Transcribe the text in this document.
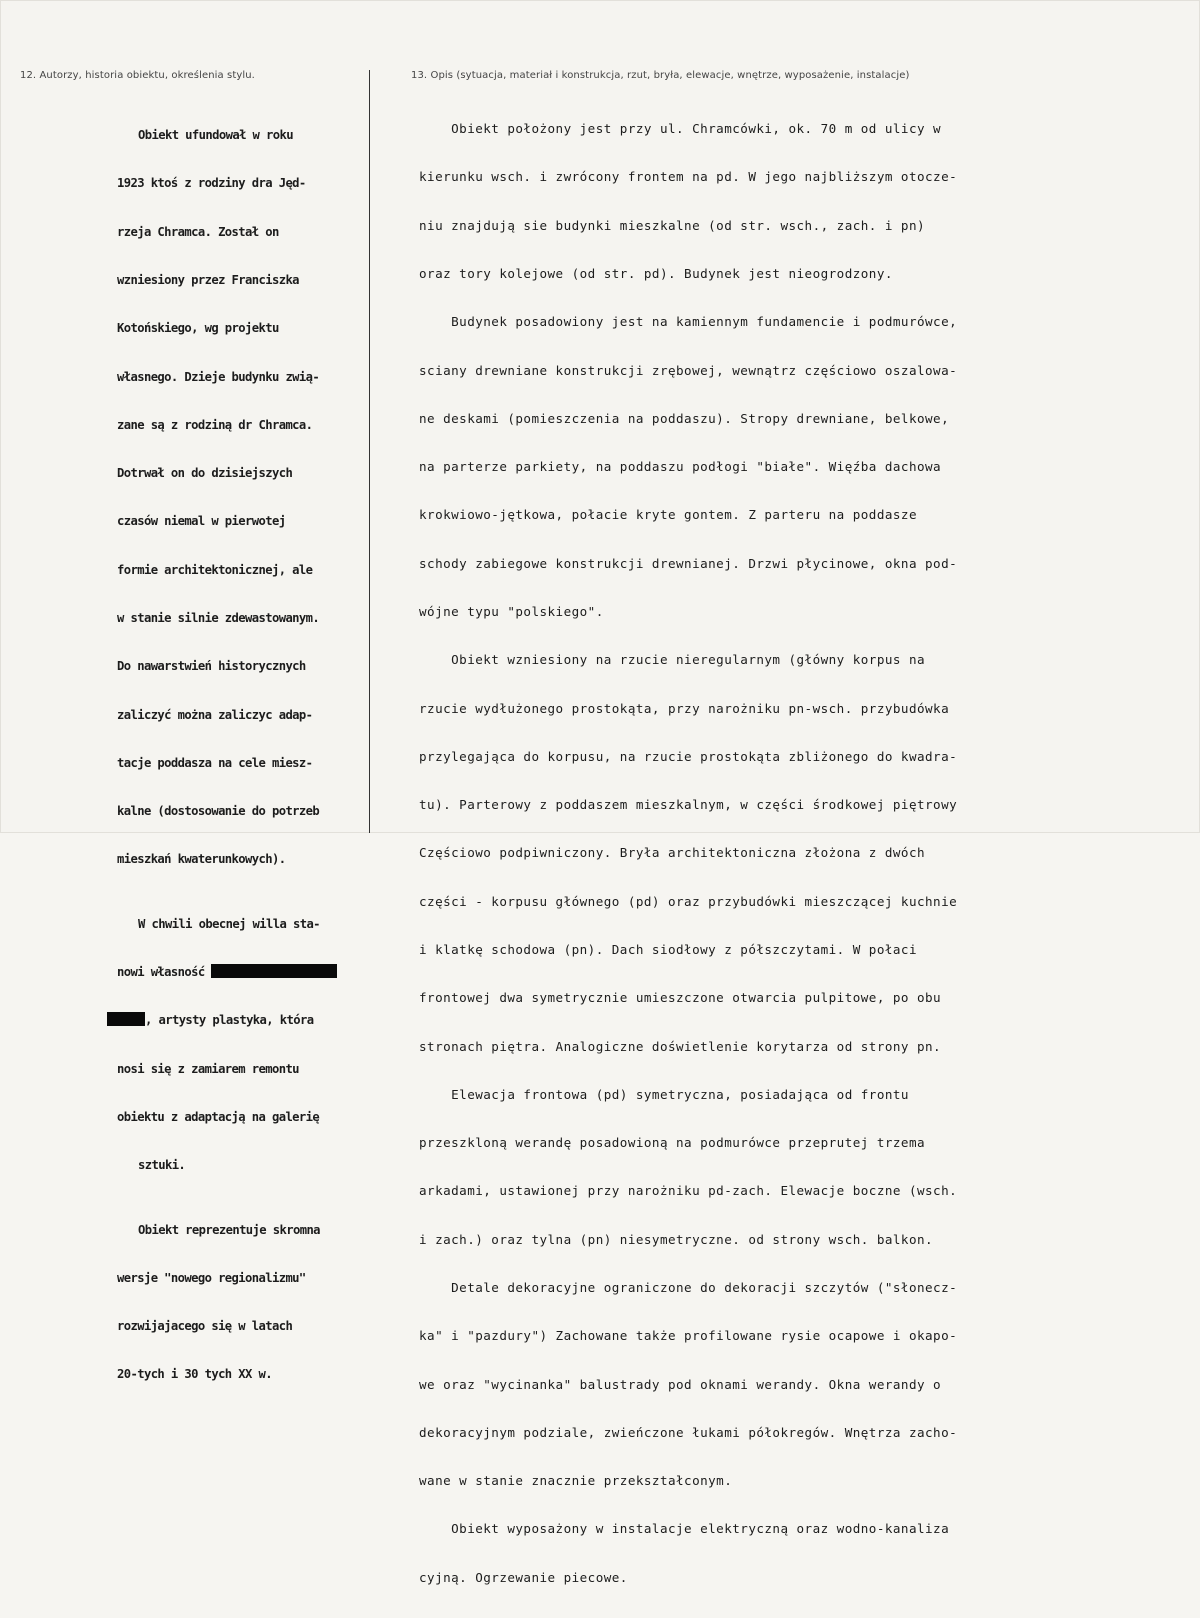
12. Autorzy, historia obiektu, określenia stylu.	13. Opis (sytuacja, materiał i konstrukcja, rzut, bryła, elewacje, wnętrze, wyposażenie, instalacje)

Obiekt ufundował w roku

1923 ktoś z rodziny dra Jęd-

rzeja Chramca. Został on

wzniesiony przez Franciszka

Kotońskiego, wg projektu

własnego. Dzieje budynku zwią-

zane są z rodziną dr Chramca.

Dotrwał on do dzisiejszych

czasów niemal w pierwotej

formie architektonicznej, ale

w stanie silnie zdewastowanym.

Do nawarstwień historycznych

zaliczyć można zaliczyc adap-

tacje poddasza na cele miesz-

kalne (dostosowanie do potrzeb

mieszkań kwaterunkowych).

W chwili obecnej willa sta-

nowi własność

, artysty plastyka, która

nosi się z zamiarem remontu

obiektu z adaptacją na galerię

sztuki.

Obiekt reprezentuje skromna

wersje "nowego regionalizmu"

rozwijajacego się w latach

20-tych i 30 tych XX w.

Obiekt położony jest przy ul. Chramcówki, ok. 70 m od ulicy w

kierunku wsch. i zwrócony frontem na pd. W jego najbliższym otocze-

niu znajdują sie budynki mieszkalne (od str. wsch., zach. i pn)

oraz tory kolejowe (od str. pd). Budynek jest nieogrodzony.

Budynek posadowiony jest na kamiennym fundamencie i podmurówce,

sciany drewniane konstrukcji zrębowej, wewnątrz częściowo oszalowa-

ne deskami (pomieszczenia na poddaszu). Stropy drewniane, belkowe,

na parterze parkiety, na poddaszu podłogi "białe". Więźba dachowa

krokwiowo-jętkowa, połacie kryte gontem. Z parteru na poddasze

schody zabiegowe konstrukcji drewnianej. Drzwi płycinowe, okna pod-

wójne typu "polskiego".

Obiekt wzniesiony na rzucie nieregularnym (główny korpus na

rzucie wydłużonego prostokąta, przy narożniku pn-wsch. przybudówka

przylegająca do korpusu, na rzucie prostokąta zbliżonego do kwadra-

tu). Parterowy z poddaszem mieszkalnym, w części środkowej piętrowy

Częściowo podpiwniczony. Bryła architektoniczna złożona z dwóch

części - korpusu głównego (pd) oraz przybudówki mieszczącej kuchnie

i klatkę schodowa (pn). Dach siodłowy z półszczytami. W połaci

frontowej dwa symetrycznie umieszczone otwarcia pulpitowe, po obu

stronach piętra. Analogiczne doświetlenie korytarza od strony pn.

Elewacja frontowa (pd) symetryczna, posiadająca od frontu

przeszkloną werandę posadowioną na podmurówce przeprutej trzema

arkadami, ustawionej przy narożniku pd-zach. Elewacje boczne (wsch.

i zach.) oraz tylna (pn) niesymetryczne. od strony wsch. balkon.

Detale dekoracyjne ograniczone do dekoracji szczytów ("słonecz-

ka" i "pazdury") Zachowane także profilowane rysie ocapowe i okapo-

we oraz "wycinanka" balustrady pod oknami werandy. Okna werandy o

dekoracyjnym podziale, zwieńczone łukami półokregów. Wnętrza zacho-

wane w stanie znacznie przekształconym.

Obiekt wyposażony w instalacje elektryczną oraz wodno-kanaliza

cyjną. Ogrzewanie piecowe.
